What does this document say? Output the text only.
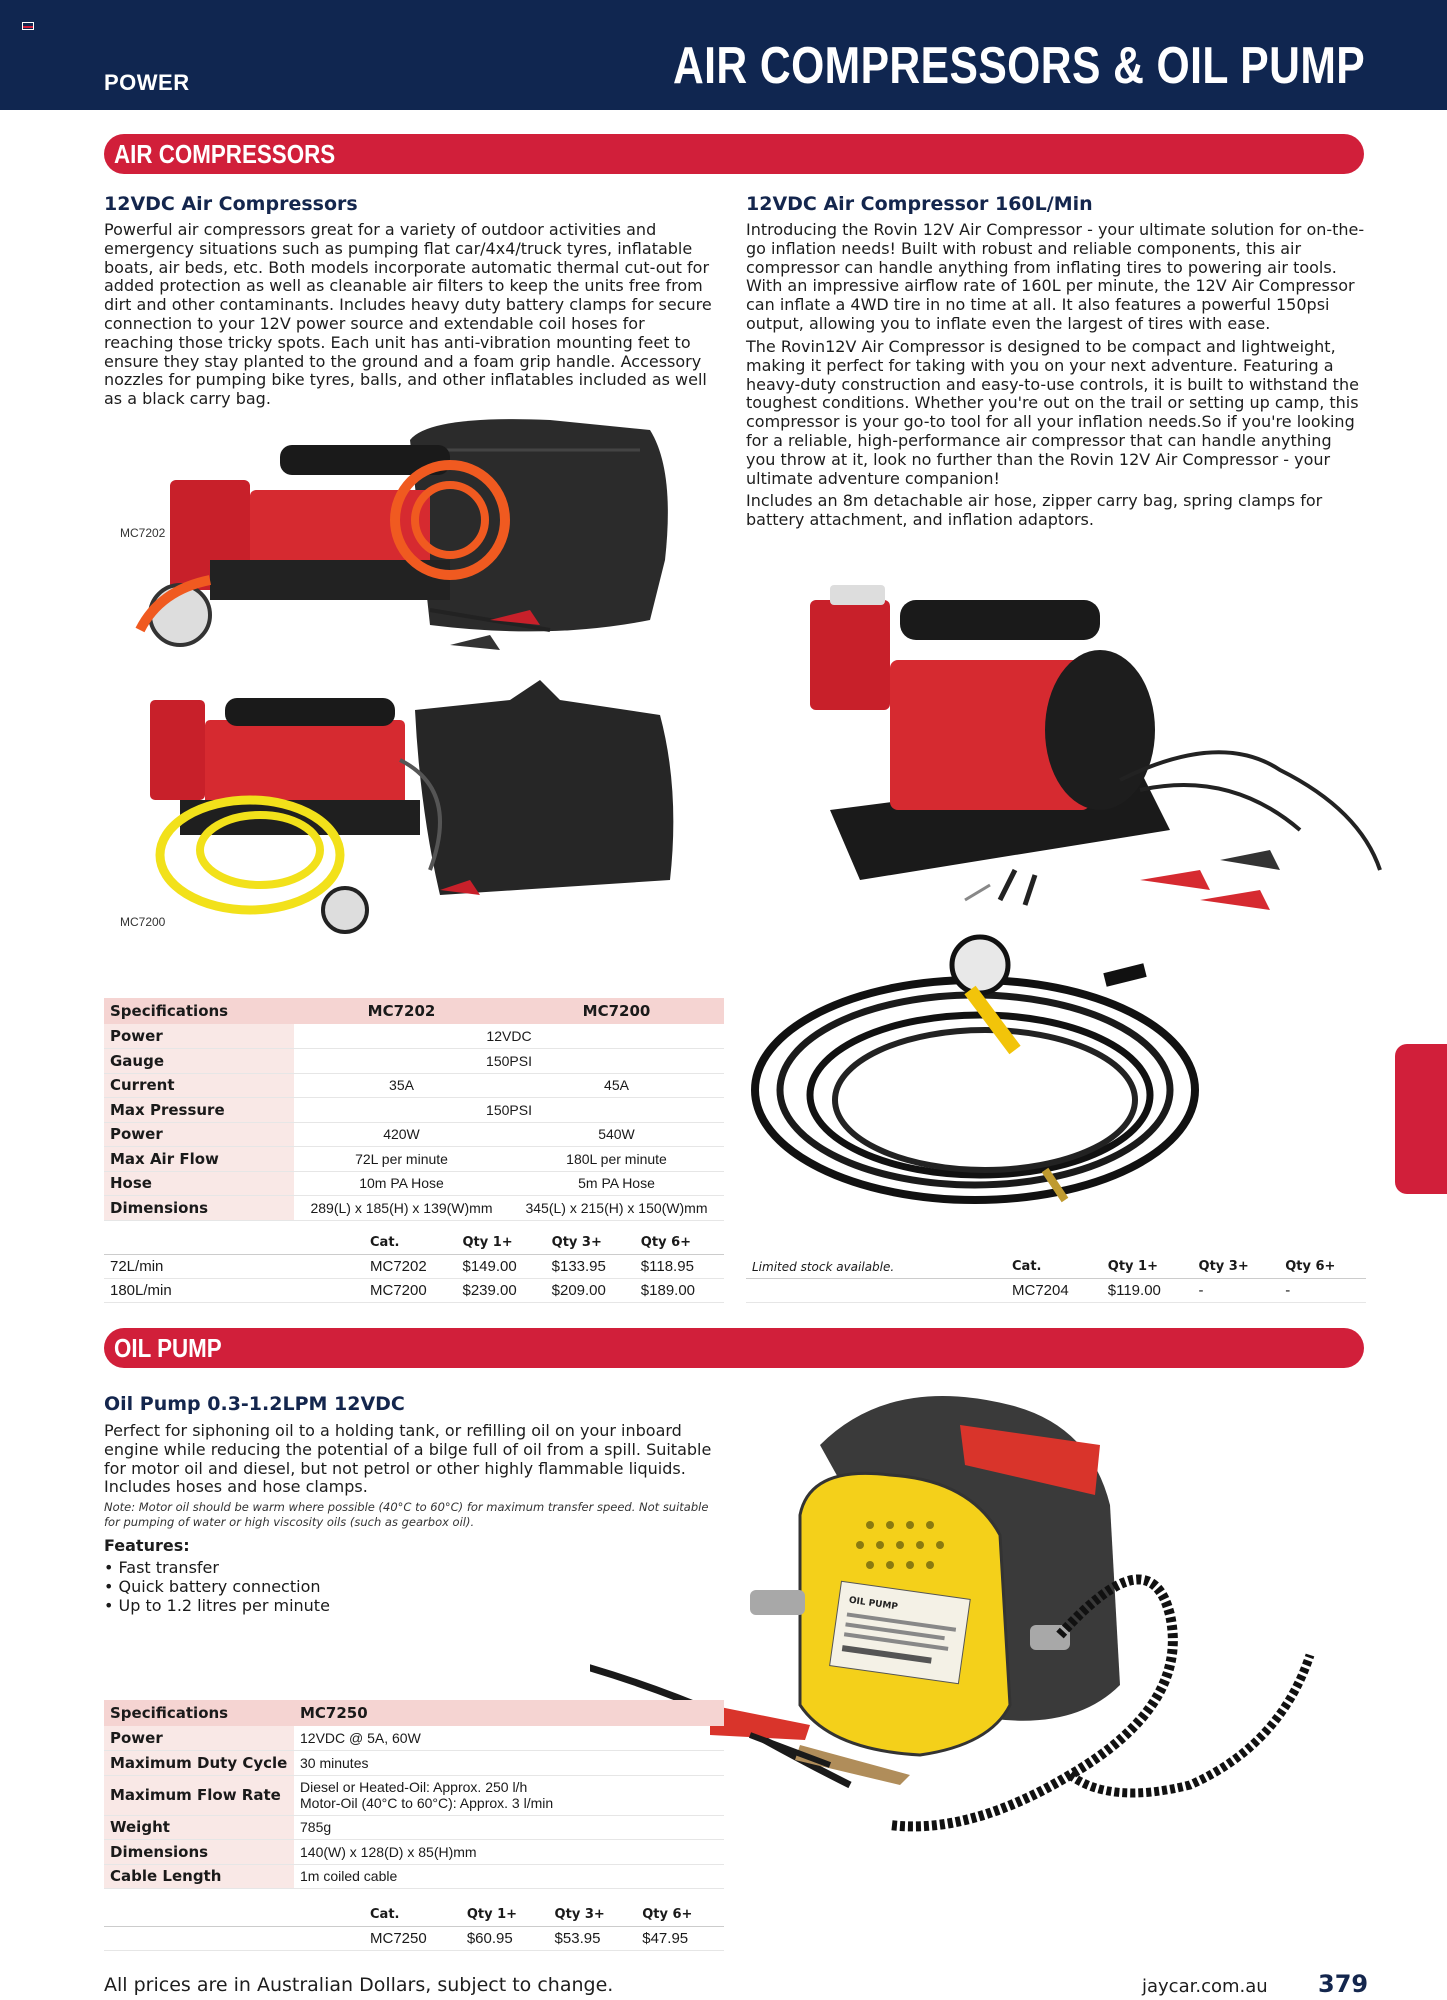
POWER	AIR COMPRESSORS & OIL PUMP
AIR COMPRESSORS
12VDC Air Compressors
Powerful air compressors great for a variety of outdoor activities and emergency situations such as pumping flat car/4x4/truck tyres, inflatable boats, air beds, etc. Both models incorporate automatic thermal cut-out for added protection as well as cleanable air filters to keep the units free from dirt and other contaminants. Includes heavy duty battery clamps for secure connection to your 12V power source and extendable coil hoses for reaching those tricky spots. Each unit has anti-vibration mounting feet to ensure they stay planted to the ground and a foam grip handle. Accessory nozzles for pumping bike tyres, balls, and other inflatables included as well as a black carry bag.
MC7202
MC7200
12VDC Air Compressor 160L/Min
Introducing the Rovin 12V Air Compressor - your ultimate solution for on-the-go inflation needs! Built with robust and reliable components, this air compressor can handle anything from inflating tires to powering air tools. With an impressive airflow rate of 160L per minute, the 12V Air Compressor can inflate a 4WD tire in no time at all. It also features a powerful 150psi output, allowing you to inflate even the largest of tires with ease.
The Rovin12V Air Compressor is designed to be compact and lightweight, making it perfect for taking with you on your next adventure. Featuring a heavy-duty construction and easy-to-use controls, it is built to withstand the toughest conditions. Whether you're out on the trail or setting up camp, this compressor is your go-to tool for all your inflation needs.So if you're looking for a reliable, high-performance air compressor that can handle anything you throw at it, look no further than the Rovin 12V Air Compressor - your ultimate adventure companion!
Includes an 8m detachable air hose, zipper carry bag, spring clamps for battery attachment, and inflation adaptors.
Specifications	MC7202	MC7200
Power	12VDC	
Gauge	150PSI	
Current	35A	45A
Max Pressure	150PSI	
Power	420W	540W
Max Air Flow	72L per minute	180L per minute
Hose	10m PA Hose	5m PA Hose
Dimensions	289(L) x 185(H) x 139(W)mm	345(L) x 215(H) x 150(W)mm
	Cat.	Qty 1+	Qty 3+	Qty 6+
72L/min	MC7202	$149.00	$133.95	$118.95
180L/min	MC7200	$239.00	$209.00	$189.00
Limited stock available.	Cat.	Qty 1+	Qty 3+	Qty 6+
	MC7204	$119.00	-	-
OIL PUMP
Oil Pump 0.3-1.2LPM 12VDC
Perfect for siphoning oil to a holding tank, or refilling oil on your inboard engine while reducing the potential of a bilge full of oil from a spill. Suitable for motor oil and diesel, but not petrol or other highly flammable liquids. Includes hoses and hose clamps.
Note: Motor oil should be warm where possible (40°C to 60°C) for maximum transfer speed. Not suitable for pumping of water or high viscosity oils (such as gearbox oil).
Features:
• Fast transfer
• Quick battery connection
• Up to 1.2 litres per minute	OIL PUMP
Specifications	MC7250
Power	12VDC @ 5A, 60W
Maximum Duty Cycle	30 minutes
Maximum Flow Rate	Diesel or Heated-Oil: Approx. 250 l/h
Motor-Oil (40°C to 60°C): Approx. 3 l/min

Weight	785g
Dimensions	140(W) x 128(D) x 85(H)mm
Cable Length	1m coiled cable
	Cat.	Qty 1+	Qty 3+	Qty 6+
	MC7250	$60.95	$53.95	$47.95
All prices are in Australian Dollars, subject to change.	jaycar.com.au 379
